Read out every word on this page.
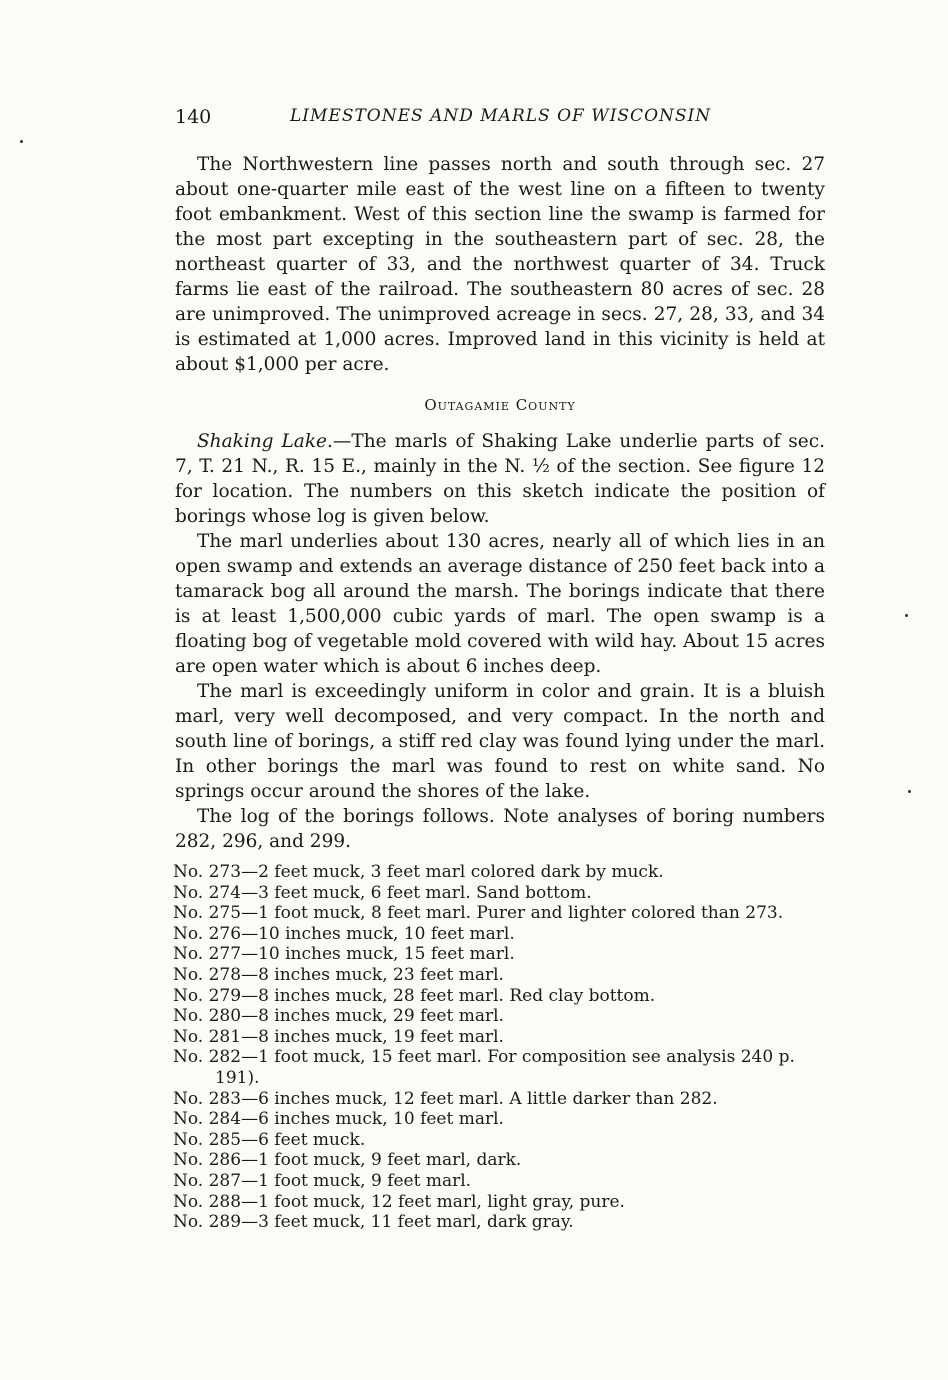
140	LIMESTONES AND MARLS OF WISCONSIN

The Northwestern line passes north and south through sec. 27 about one-quarter mile east of the west line on a fifteen to twenty foot embankment. West of this section line the swamp is farmed for the most part excepting in the southeastern part of sec. 28, the northeast quarter of 33, and the northwest quarter of 34. Truck farms lie east of the railroad. The southeastern 80 acres of sec. 28 are unimproved. The unimproved acreage in secs. 27, 28, 33, and 34 is estimated at 1,000 acres. Improved land in this vicinity is held at about $1,000 per acre.

Outagamie County

Shaking Lake.—The marls of Shaking Lake underlie parts of sec. 7, T. 21 N., R. 15 E., mainly in the N. ½ of the section. See figure 12 for location. The numbers on this sketch indicate the position of borings whose log is given below.

The marl underlies about 130 acres, nearly all of which lies in an open swamp and extends an average distance of 250 feet back into a tamarack bog all around the marsh. The borings indicate that there is at least 1,500,000 cubic yards of marl. The open swamp is a floating bog of vegetable mold covered with wild hay. About 15 acres are open water which is about 6 inches deep.

The marl is exceedingly uniform in color and grain. It is a bluish marl, very well decomposed, and very compact. In the north and south line of borings, a stiff red clay was found lying under the marl. In other borings the marl was found to rest on white sand. No springs occur around the shores of the lake.

The log of the borings follows. Note analyses of boring numbers 282, 296, and 299.

No. 273—2 feet muck, 3 feet marl colored dark by muck.

No. 274—3 feet muck, 6 feet marl. Sand bottom.

No. 275—1 foot muck, 8 feet marl. Purer and lighter colored than 273.

No. 276—10 inches muck, 10 feet marl.

No. 277—10 inches muck, 15 feet marl.

No. 278—8 inches muck, 23 feet marl.

No. 279—8 inches muck, 28 feet marl. Red clay bottom.

No. 280—8 inches muck, 29 feet marl.

No. 281—8 inches muck, 19 feet marl.

No. 282—1 foot muck, 15 feet marl. For composition see analysis 240 p. 191).

No. 283—6 inches muck, 12 feet marl. A little darker than 282.

No. 284—6 inches muck, 10 feet marl.

No. 285—6 feet muck.

No. 286—1 foot muck, 9 feet marl, dark.

No. 287—1 foot muck, 9 feet marl.

No. 288—1 foot muck, 12 feet marl, light gray, pure.

No. 289—3 feet muck, 11 feet marl, dark gray.
